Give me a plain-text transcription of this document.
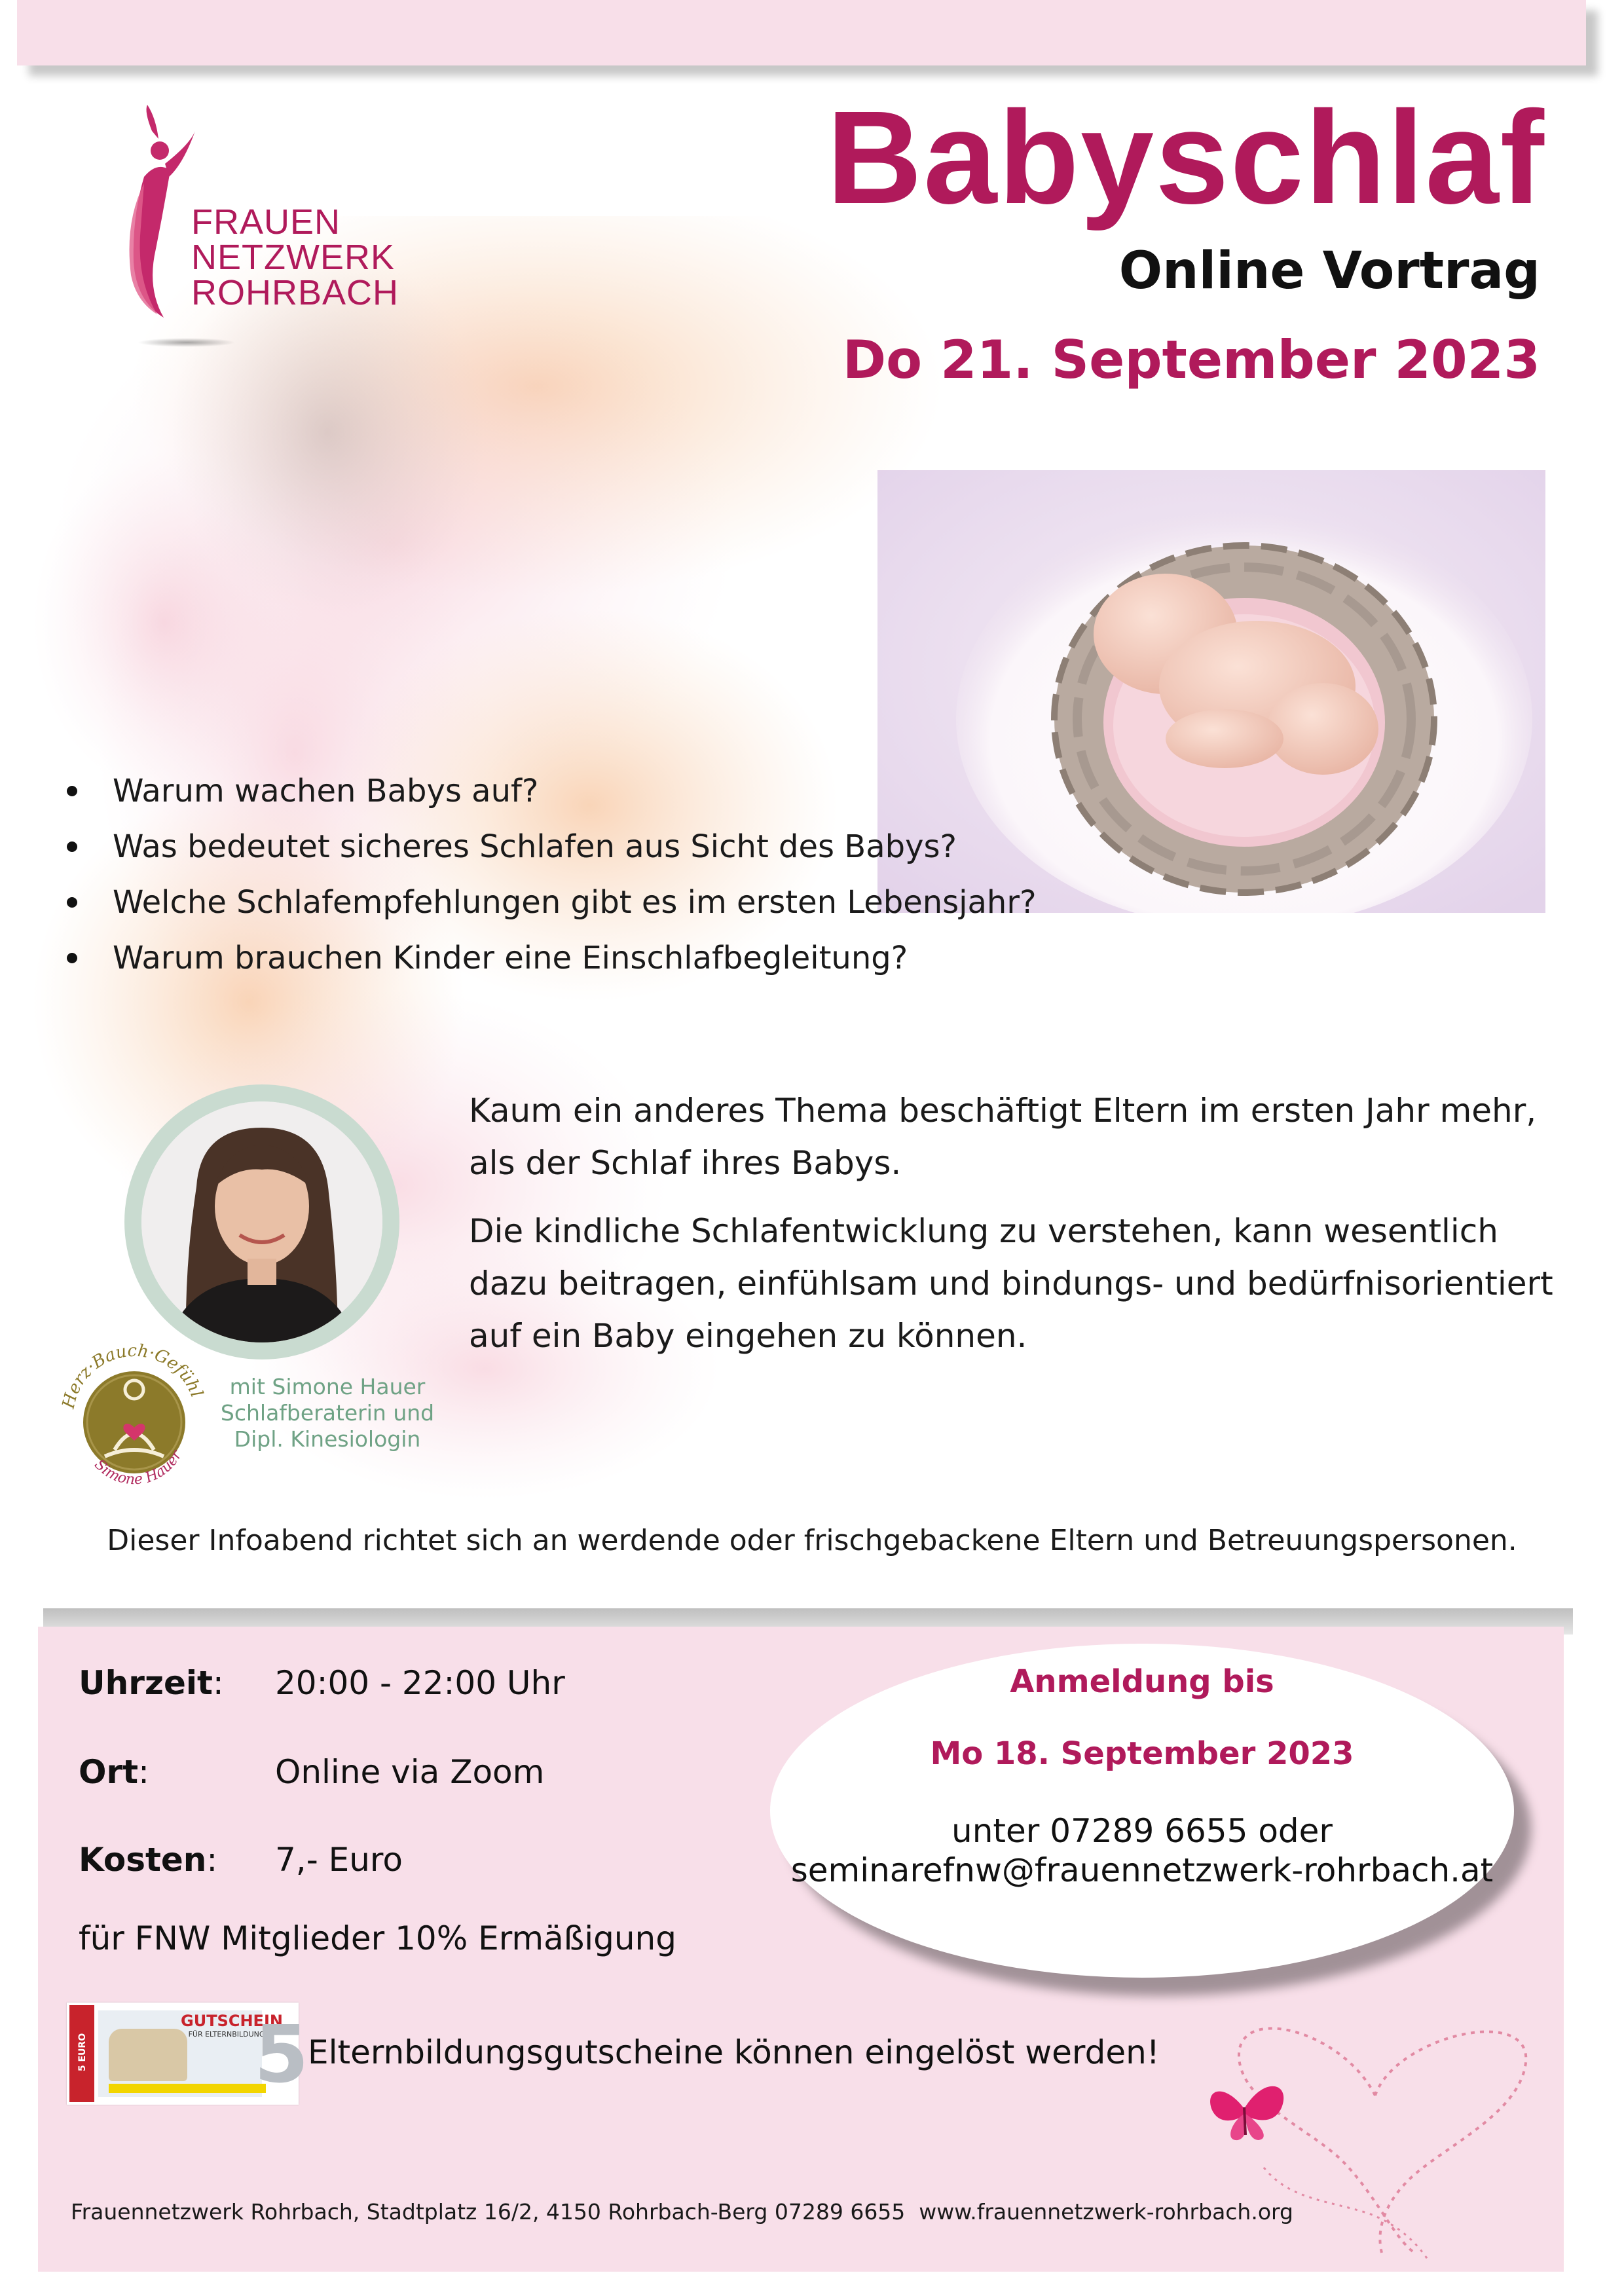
FRAUEN
NETZWERK
ROHRBACH
Babyschlaf
Online Vortrag
Do 21. September 2023
Warum wachen Babys auf?
Was bedeutet sicheres Schlafen aus Sicht des Babys?
Welche Schlafempfehlungen gibt es im ersten Lebensjahr?
Warum brauchen Kinder eine Einschlafbegleitung?

Kaum ein anderes Thema beschäftigt Eltern im ersten Jahr mehr, als der Schlaf ihres Babys.

Die kindliche Schlafentwicklung zu verstehen, kann wesentlich dazu beitragen, einfühlsam und bindungs- und bedürfnisorientiert auf ein Baby eingehen zu können.

Herz·Bauch·Gefühl
Simone Hauer
mit Simone Hauer
Schlafberaterin und
Dipl. Kinesiologin
Dieser Infoabend richtet sich an werdende oder frischgebackene Eltern und Betreuungspersonen.
Uhrzeit: 20:00 - 22:00 Uhr
Ort:	Online via Zoom
Kosten: 7,- Euro
für FNW Mitglieder 10% Ermäßigung
Anmeldung bis
Mo 18. September 2023
unter 07289 6655 oder
seminarefnw@frauennetzwerk-rohrbach.at
5 EURO
GUTSCHEIN
FÜR ELTERNBILDUNG
5
Elternbildungsgutscheine können eingelöst werden!
Frauennetzwerk Rohrbach, Stadtplatz 16/2, 4150 Rohrbach-Berg 07289 6655  www.frauennetzwerk-rohrbach.org
